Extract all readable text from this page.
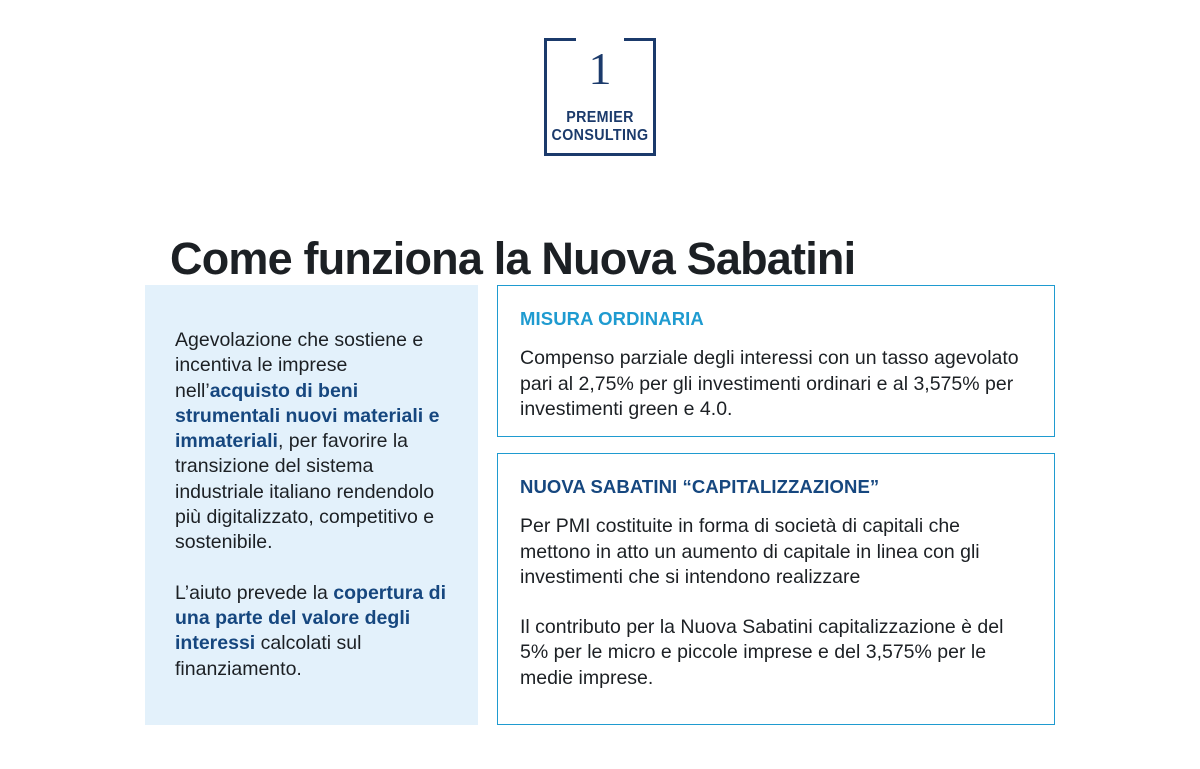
1
PREMIER
CONSULTING
Come funziona la Nuova Sabatini

Agevolazione che sostiene e incentiva le imprese nell’acquisto di beni strumentali nuovi materiali e immateriali, per favorire la transizione del sistema industriale italiano rendendolo più digitalizzato, competitivo e sostenibile.

L’aiuto prevede la copertura di una parte del valore degli interessi calcolati sul finanziamento.

MISURA ORDINARIA

Compenso parziale degli interessi con un tasso agevolato pari al 2,75% per gli investimenti ordinari e al 3,575% per investimenti green e 4.0.

NUOVA SABATINI “CAPITALIZZAZIONE”

Per PMI costituite in forma di società di capitali che mettono in atto un aumento di capitale in linea con gli investimenti che si intendono realizzare

Il contributo per la Nuova Sabatini capitalizzazione è del 5% per le micro e piccole imprese e del 3,575% per le medie imprese.
